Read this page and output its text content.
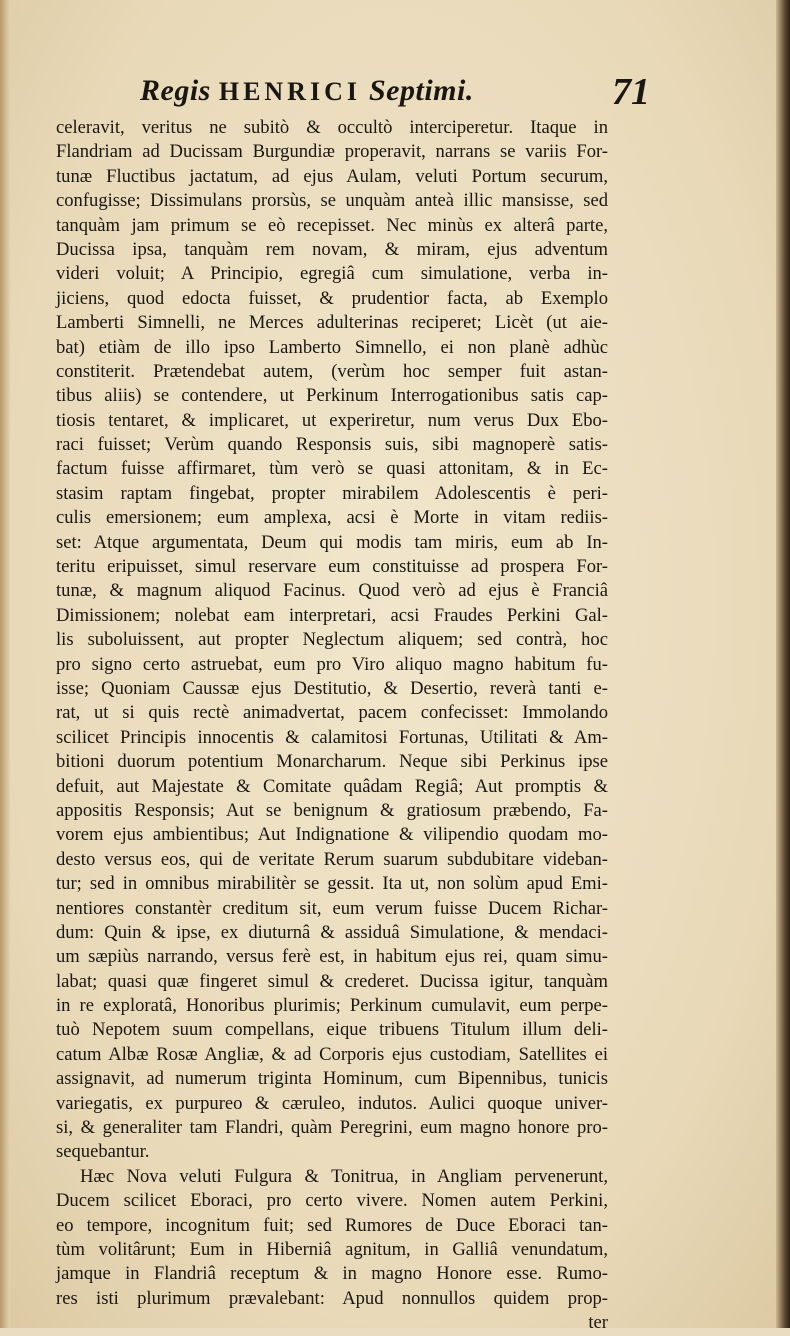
Regis HENRICI Septimi.	71
celeravit, veritus ne subitò & occultò interciperetur. Itaque in
Flandriam ad Ducissam Burgundiæ properavit, narrans se variis For-
tunæ Fluctibus jactatum, ad ejus Aulam, veluti Portum securum,
confugisse; Dissimulans prorsùs, se unquàm anteà illic mansisse, sed
tanquàm jam primum se eò recepisset. Nec minùs ex alterâ parte,
Ducissa ipsa, tanquàm rem novam, & miram, ejus adventum
videri voluit; A Principio, egregiâ cum simulatione, verba in-
jiciens, quod edocta fuisset, & prudentior facta, ab Exemplo
Lamberti Simnelli, ne Merces adulterinas reciperet; Licèt (ut aie-
bat) etiàm de illo ipso Lamberto Simnello, ei non planè adhùc
constiterit. Prætendebat autem, (verùm hoc semper fuit astan-
tibus aliis) se contendere, ut Perkinum Interrogationibus satis cap-
tiosis tentaret, & implicaret, ut experiretur, num verus Dux Ebo-
raci fuisset; Verùm quando Responsis suis, sibi magnoperè satis-
factum fuisse affirmaret, tùm verò se quasi attonitam, & in Ec-
stasim raptam fingebat, propter mirabilem Adolescentis è peri-
culis emersionem; eum amplexa, acsi è Morte in vitam rediis-
set: Atque argumentata, Deum qui modis tam miris, eum ab In-
teritu eripuisset, simul reservare eum constituisse ad prospera For-
tunæ, & magnum aliquod Facinus. Quod verò ad ejus è Franciâ
Dimissionem; nolebat eam interpretari, acsi Fraudes Perkini Gal-
lis suboluissent, aut propter Neglectum aliquem; sed contrà, hoc
pro signo certo astruebat, eum pro Viro aliquo magno habitum fu-
isse; Quoniam Caussæ ejus Destitutio, & Desertio, reverà tanti e-
rat, ut si quis rectè animadvertat, pacem confecisset: Immolando
scilicet Principis innocentis & calamitosi Fortunas, Utilitati & Am-
bitioni duorum potentium Monarcharum. Neque sibi Perkinus ipse
defuit, aut Majestate & Comitate quâdam Regiâ; Aut promptis &
appositis Responsis; Aut se benignum & gratiosum præbendo, Fa-
vorem ejus ambientibus; Aut Indignatione & vilipendio quodam mo-
desto versus eos, qui de veritate Rerum suarum subdubitare videban-
tur; sed in omnibus mirabilitèr se gessit. Ita ut, non solùm apud Emi-
nentiores constantèr creditum sit, eum verum fuisse Ducem Richar-
dum: Quin & ipse, ex diuturnâ & assiduâ Simulatione, & mendaci-
um sæpiùs narrando, versus ferè est, in habitum ejus rei, quam simu-
labat; quasi quæ fingeret simul & crederet. Ducissa igitur, tanquàm
in re exploratâ, Honoribus plurimis; Perkinum cumulavit, eum perpe-
tuò Nepotem suum compellans, eique tribuens Titulum illum deli-
catum Albæ Rosæ Angliæ, & ad Corporis ejus custodiam, Satellites ei
assignavit, ad numerum triginta Hominum, cum Bipennibus, tunicis
variegatis, ex purpureo & cæruleo, indutos. Aulici quoque univer-
si, & generaliter tam Flandri, quàm Peregrini, eum magno honore pro-
sequebantur.
Hæc Nova veluti Fulgura & Tonitrua, in Angliam pervenerunt,
Ducem scilicet Eboraci, pro certo vivere. Nomen autem Perkini,
eo tempore, incognitum fuit; sed Rumores de Duce Eboraci tan-
tùm volitârunt; Eum in Hiberniâ agnitum, in Galliâ venundatum,
jamque in Flandriâ receptum & in magno Honore esse. Rumo-
res isti plurimum prævalebant: Apud nonnullos quidem prop-
ter
